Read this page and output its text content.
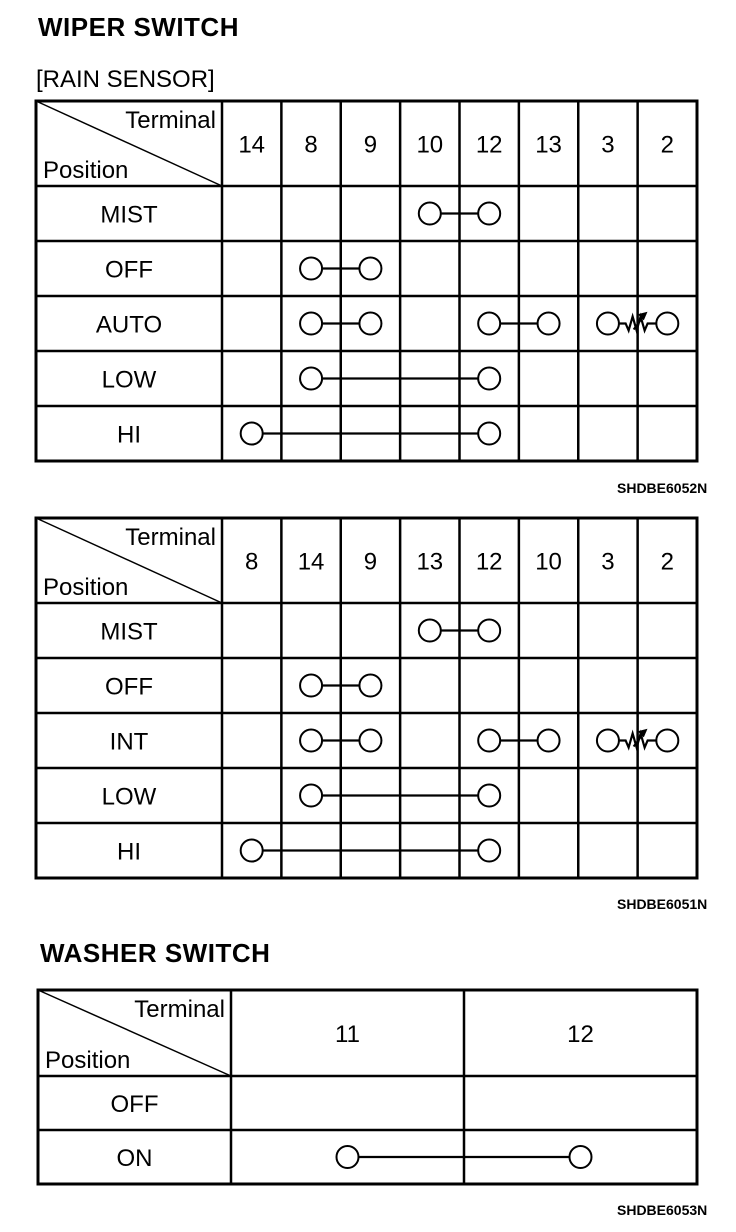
WIPER SWITCH
[RAIN SENSOR]
Terminal
Position
14 8 9 10 12 13 3 2
MIST
OFF
AUTO
LOW
HI
SHDBE6052N
Terminal
Position
8 14 9 13 12 10 3 2
MIST
OFF
INT
LOW
HI
SHDBE6051N
WASHER SWITCH
Terminal
Position
11	12
OFF
ON
SHDBE6053N
